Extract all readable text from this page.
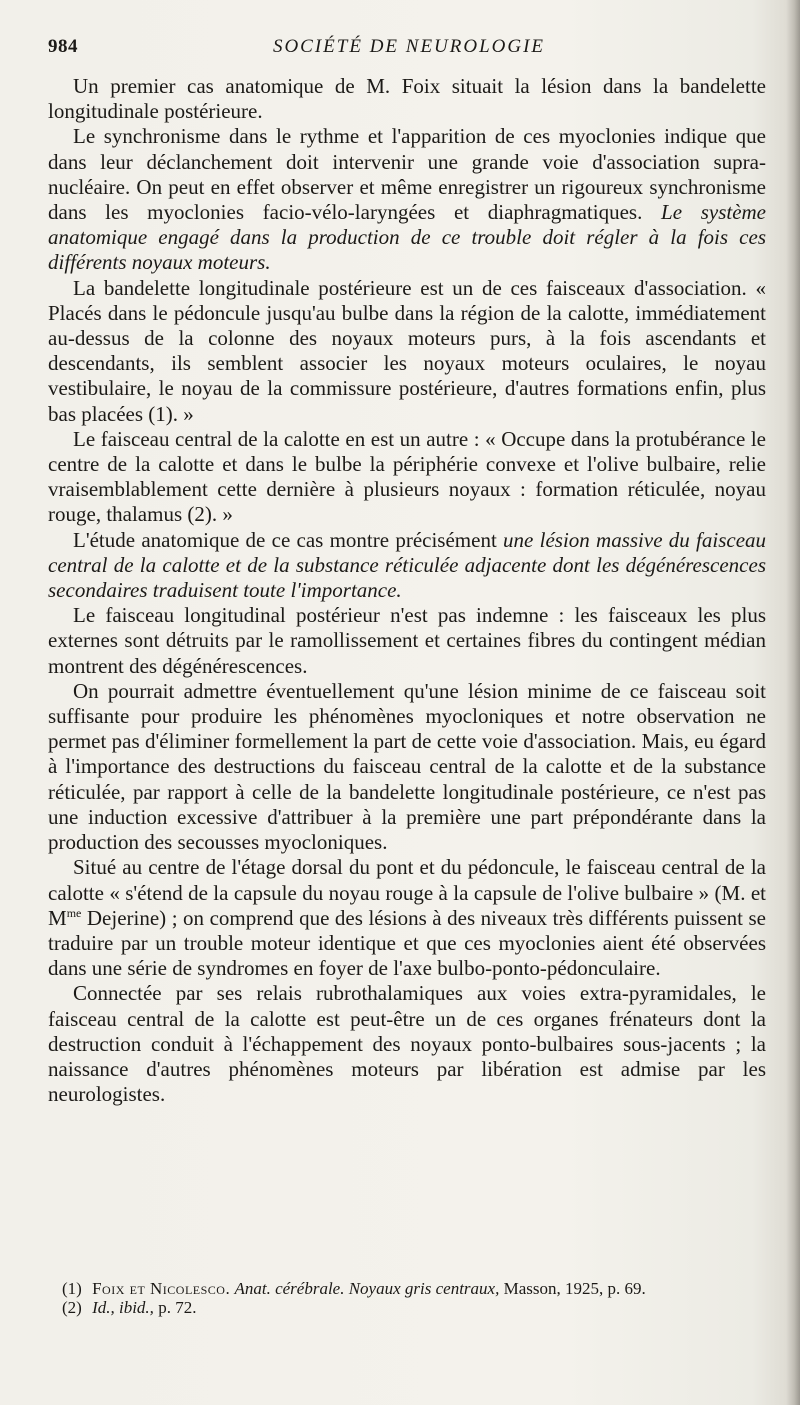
984	SOCIÉTÉ DE NEUROLOGIE

Un premier cas anatomique de M. Foix situait la lésion dans la bandelette longitudinale postérieure.

Le synchronisme dans le rythme et l'apparition de ces myoclonies indique que dans leur déclanchement doit intervenir une grande voie d'association supra-nucléaire. On peut en effet observer et même enregistrer un rigoureux synchronisme dans les myoclonies facio-vélo-laryngées et diaphragmatiques. Le système anatomique engagé dans la production de ce trouble doit régler à la fois ces différents noyaux moteurs.

La bandelette longitudinale postérieure est un de ces faisceaux d'association. « Placés dans le pédoncule jusqu'au bulbe dans la région de la calotte, immédiatement au-dessus de la colonne des noyaux moteurs purs, à la fois ascendants et descendants, ils semblent associer les noyaux moteurs oculaires, le noyau vestibulaire, le noyau de la commissure postérieure, d'autres formations enfin, plus bas placées (1). »

Le faisceau central de la calotte en est un autre : « Occupe dans la protubérance le centre de la calotte et dans le bulbe la périphérie convexe et l'olive bulbaire, relie vraisemblablement cette dernière à plusieurs noyaux : formation réticulée, noyau rouge, thalamus (2). »

L'étude anatomique de ce cas montre précisément une lésion massive du faisceau central de la calotte et de la substance réticulée adjacente dont les dégénérescences secondaires traduisent toute l'importance.

Le faisceau longitudinal postérieur n'est pas indemne : les faisceaux les plus externes sont détruits par le ramollissement et certaines fibres du contingent médian montrent des dégénérescences.

On pourrait admettre éventuellement qu'une lésion minime de ce faisceau soit suffisante pour produire les phénomènes myocloniques et notre observation ne permet pas d'éliminer formellement la part de cette voie d'association. Mais, eu égard à l'importance des destructions du faisceau central de la calotte et de la substance réticulée, par rapport à celle de la bandelette longitudinale postérieure, ce n'est pas une induction excessive d'attribuer à la première une part prépondérante dans la production des secousses myocloniques.

Situé au centre de l'étage dorsal du pont et du pédoncule, le faisceau central de la calotte « s'étend de la capsule du noyau rouge à la capsule de l'olive bulbaire » (M. et $M^{me}$ Dejerine) ; on comprend que des lésions à des niveaux très différents puissent se traduire par un trouble moteur identique et que ces myoclonies aient été observées dans une série de syndromes en foyer de l'axe bulbo-ponto-pédonculaire.

Connectée par ses relais rubrothalamiques aux voies extra-pyramidales, le faisceau central de la calotte est peut-être un de ces organes frénateurs dont la destruction conduit à l'échappement des noyaux ponto-bulbaires sous-jacents ; la naissance d'autres phénomènes moteurs par libération est admise par les neurologistes.

(1) Foix et Nicolesco. Anat. cérébrale. Noyaux gris centraux, Masson, 1925, p. 69.

(2) Id., ibid., p. 72.
